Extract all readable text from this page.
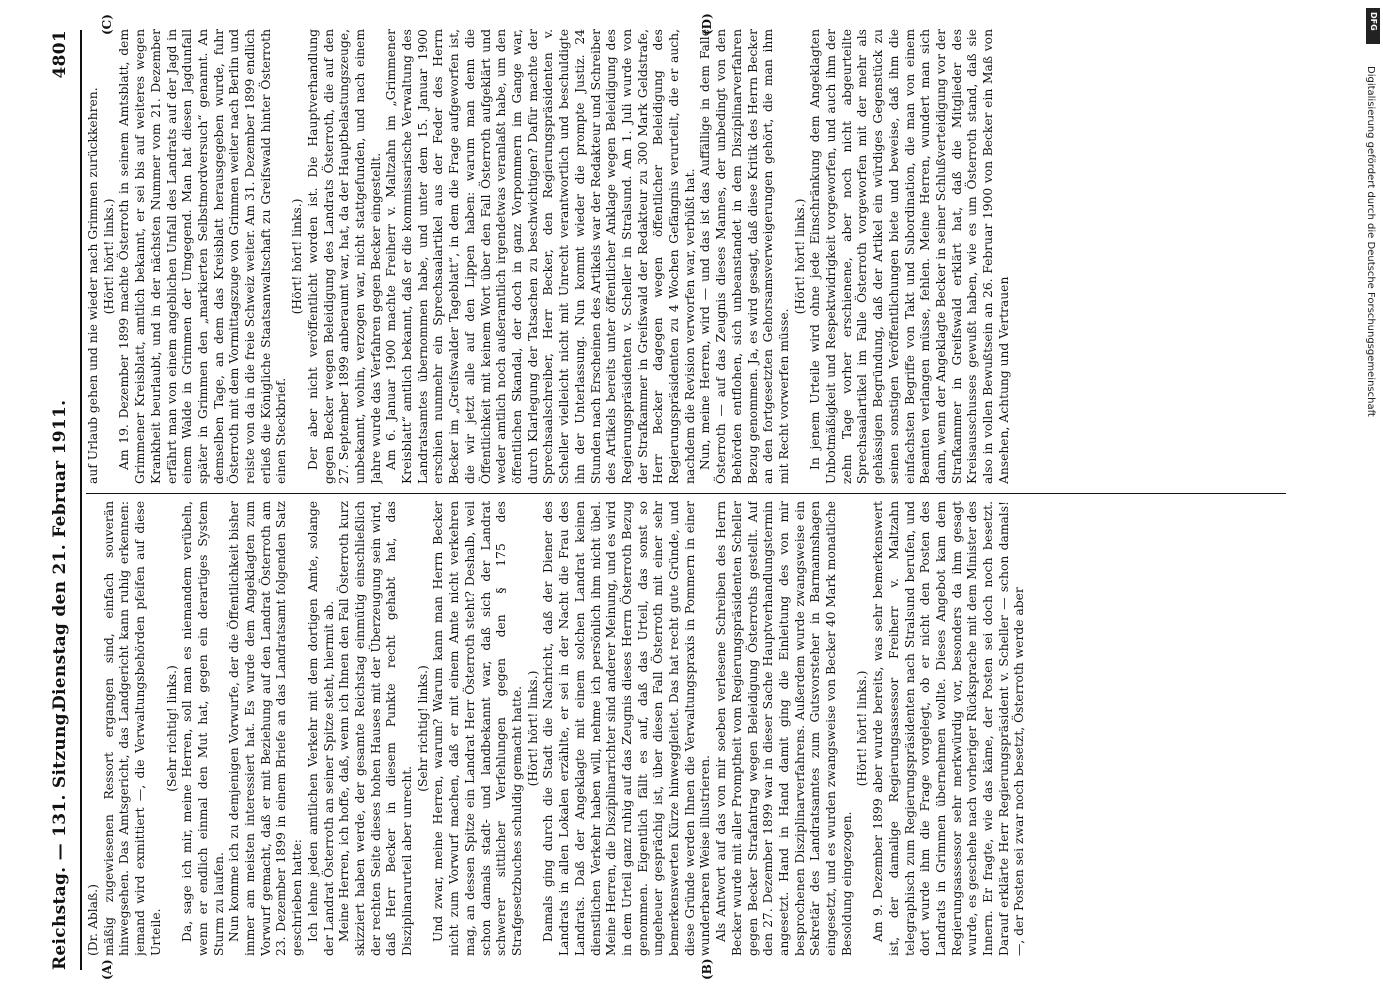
Reichstag. — 131. Sitzung.
Dienstag den 21. Februar 1911.
4801
(A)	(B)
(C)	(D)

(Dr. Ablaß.) mäßig zugewiesenen Ressort ergangen sind, einfach souverän hinwegsehen. Das Amtsgericht, das Landgericht kann ruhig erkennen: jemand wird exmittiert —, die Verwaltungsbehörden pfeifen auf diese Urteile.

(Sehr richtig! links.) Da, sage ich mir, meine Herren, soll man es niemandem verübeln, wenn er endlich einmal den Mut hat, gegen ein derartiges System Sturm zu laufen. Nun komme ich zu demjenigen Vorwurfe, der die Öffentlichkeit bisher immer am meisten interessiert hat. Es wurde dem Angeklagten zum Vorwurf gemacht, daß er mit Beziehung auf den Landrat Österroth am 23. Dezember 1899 in einem Briefe an das Landratsamt folgenden Satz geschrieben hatte: Ich lehne jeden amtlichen Verkehr mit dem dortigen Amte, solange der Landrat Österroth an seiner Spitze steht, hiermit ab. Meine Herren, ich hoffe, daß, wenn ich Ihnen den Fall Österroth kurz skizziert haben werde, der gesamte Reichstag einmütig einschließlich der rechten Seite dieses hohen Hauses mit der Überzeugung sein wird, daß Herr Becker in diesem Punkte recht gehabt hat, das Disziplinarurteil aber unrecht.

(Sehr richtig! links.) Und zwar, meine Herren, warum? Warum kann man Herrn Becker nicht zum Vorwurf machen, daß er mit einem Amte nicht verkehren mag, an dessen Spitze ein Landrat Herr Österroth steht? Deshalb, weil schon damals stadt- und landbekannt war, daß sich der Landrat schwerer sittlicher Verfehlungen gegen den § 175 des Strafgesetzbuches schuldig gemacht hatte. (Hört! hört! links.) Damals ging durch die Stadt die Nachricht, daß der Diener des Landrats in allen Lokalen erzählte, er sei in der Nacht die Frau des Landrats. Daß der Angeklagte mit einem solchen Landrat keinen dienstlichen Verkehr haben will, nehme ich persönlich ihm nicht übel. Meine Herren, die Disziplinarrichter sind anderer Meinung, und es wird in dem Urteil ganz ruhig auf das Zeugnis dieses Herrn Österroth Bezug genommen. Eigentlich fällt es auf, daß das Urteil, das sonst so ungeheuer gesprächig ist, über diesen Fall Österroth mit einer sehr bemerkenswerten Kürze hinweggleitet. Das hat recht gute Gründe, und diese Gründe werden Ihnen die Verwaltungspraxis in Pommern in einer wunderbaren Weise illustrieren. Als Antwort auf das von mir soeben verlesene Schreiben des Herrn Becker wurde mit aller Promptheit vom Regierungspräsidenten Scheller gegen Becker Strafantrag wegen Beleidigung Österroths gestellt. Auf den 27. Dezember 1899 war in dieser Sache Hauptverhandlungstermin angesetzt. Hand in Hand damit ging die Einleitung des von mir besprochenen Disziplinarverfahrens. Außerdem wurde zwangsweise ein Sekretär des Landratsamtes zum Gutsvorsteher in Barmannshagen eingesetzt, und es wurden zwangsweise von Becker 40 Mark monatliche Besoldung eingezogen.

(Hört! hört! links.) Am 9. Dezember 1899 aber wurde bereits, was sehr bemerkenswert ist, der damalige Regierungsassessor Freiherr v. Maltzahn telegraphisch zum Regierungspräsidenten nach Stralsund berufen, und dort wurde ihm die Frage vorgelegt, ob er nicht den Posten des Landrats in Grimmen übernehmen wollte. Dieses Angebot kam dem Regierungsassessor sehr merkwürdig vor, besonders da ihm gesagt wurde, es geschehe nach vorheriger Rücksprache mit dem Minister des Innern. Er fragte, wie das käme, der Posten sei doch noch besetzt. Darauf erklärte Herr Regierungspräsident v. Scheller — schon damals! —, der Posten sei zwar noch besetzt, Österroth werde aber

auf Urlaub gehen und nie wieder nach Grimmen zurückkehren. (Hört! hört! links.) Am 19. Dezember 1899 machte Österroth in seinem Amtsblatt, dem Grimmener Kreisblatt, amtlich bekannt, er sei bis auf weiteres wegen Krankheit beurlaubt, und in der nächsten Nummer vom 21. Dezember erfährt man von einem angeblichen Unfall des Landrats auf der Jagd in einem Walde in Grimmen der Umgegend. Man hat diesen Jagdunfall später in Grimmen den „markierten Selbstmordversuch“ genannt. An demselben Tage, an dem das Kreisblatt herausgegeben wurde, fuhr Österroth mit dem Vormittagszuge von Grimmen weiter nach Berlin und reiste von da in die freie Schweiz weiter. Am 31. Dezember 1899 endlich erließ die Königliche Staatsanwaltschaft zu Greifswald hinter Österroth einen Steckbrief.

(Hört! hört! links.) Der aber nicht veröffentlicht worden ist. Die Hauptverhandlung gegen Becker wegen Beleidigung des Landrats Österroth, die auf den 27. September 1899 anberaumt war, hat, da der Hauptbelastungszeuge, unbekannt, wohin, verzogen war, nicht stattgefunden, und nach einem Jahre wurde das Verfahren gegen Becker eingestellt. Am 6. Januar 1900 machte Freiherr v. Maltzahn im „Grimmener Kreisblatt“ amtlich bekannt, daß er die kommissarische Verwaltung des Landratsamtes übernommen habe, und unter dem 15. Januar 1900 erschien nunmehr ein Sprechsaalartikel aus der Feder des Herrn Becker im „Greifswalder Tageblatt“, in dem die Frage aufgeworfen ist, die wir jetzt alle auf den Lippen haben: warum man denn die Öffentlichkeit mit keinem Wort über den Fall Österroth aufgeklärt und weder amtlich noch außeramtlich irgendetwas veranlaßt habe, um den öffentlichen Skandal, der doch in ganz Vorpommern im Gange war, durch Klarlegung der Tatsachen zu beschwichtigen? Dafür machte der Sprechsaalschreiber, Herr Becker, den Regierungspräsidenten v. Scheller vielleicht nicht mit Unrecht verantwortlich und beschuldigte ihn der Unterlassung. Nun kommt wieder die prompte Justiz. 24 Stunden nach Erscheinen des Artikels war der Redakteur und Schreiber des Artikels bereits unter öffentlicher Anklage wegen Beleidigung des Regierungspräsidenten v. Scheller in Stralsund. Am 1. Juli wurde von der Strafkammer in Greifswald der Redakteur zu 300 Mark Geldstrafe, Herr Becker dagegen wegen öffentlicher Beleidigung des Regierungspräsidenten zu 4 Wochen Gefängnis verurteilt, die er auch, nachdem die Revision verworfen war, verbüßt hat. Nun, meine Herren, wird — und das ist das Auffällige in dem Falle Österroth — auf das Zeugnis dieses Mannes, der unbedingt von den Behörden entflohen, sich unbeanstandet in dem Disziplinarverfahren Bezug genommen. Ja, es wird gesagt, daß diese Kritik des Herrn Becker an den fortgesetzten Gehorsamsverweigerungen gehört, die man ihm mit Recht vorwerfen müsse.

(Hört! hört! links.) In jenem Urteile wird ohne jede Einschränkung dem Angeklagten Unbotmäßigkeit und Respektwidrigkeit vorgeworfen, und auch ihm der zehn Tage vorher erschienene, aber noch nicht abgeurteilte Sprechsaalartikel im Falle Österroth vorgeworfen mit der mehr als gehässigen Begründung, daß der Artikel ein würdiges Gegenstück zu seinen sonstigen Veröffentlichungen biete und beweise, daß ihm die einfachsten Begriffe von Takt und Subordination, die man von einem Beamten verlangen müsse, fehlen. Meine Herren, wundert man sich dann, wenn der Angeklagte Becker in seiner Schlußverteidigung vor der Strafkammer in Greifswald erklärt hat, daß die Mitglieder des Kreisausschusses gewußt haben, wie es um Österroth stand, daß sie also in vollen Bewußtsein an 26. Februar 1900 von Becker ein Maß von Ansehen, Achtung und Vertrauen

DFG
Digitalisierung gefördert durch die Deutsche Forschungsgemeinschaft
